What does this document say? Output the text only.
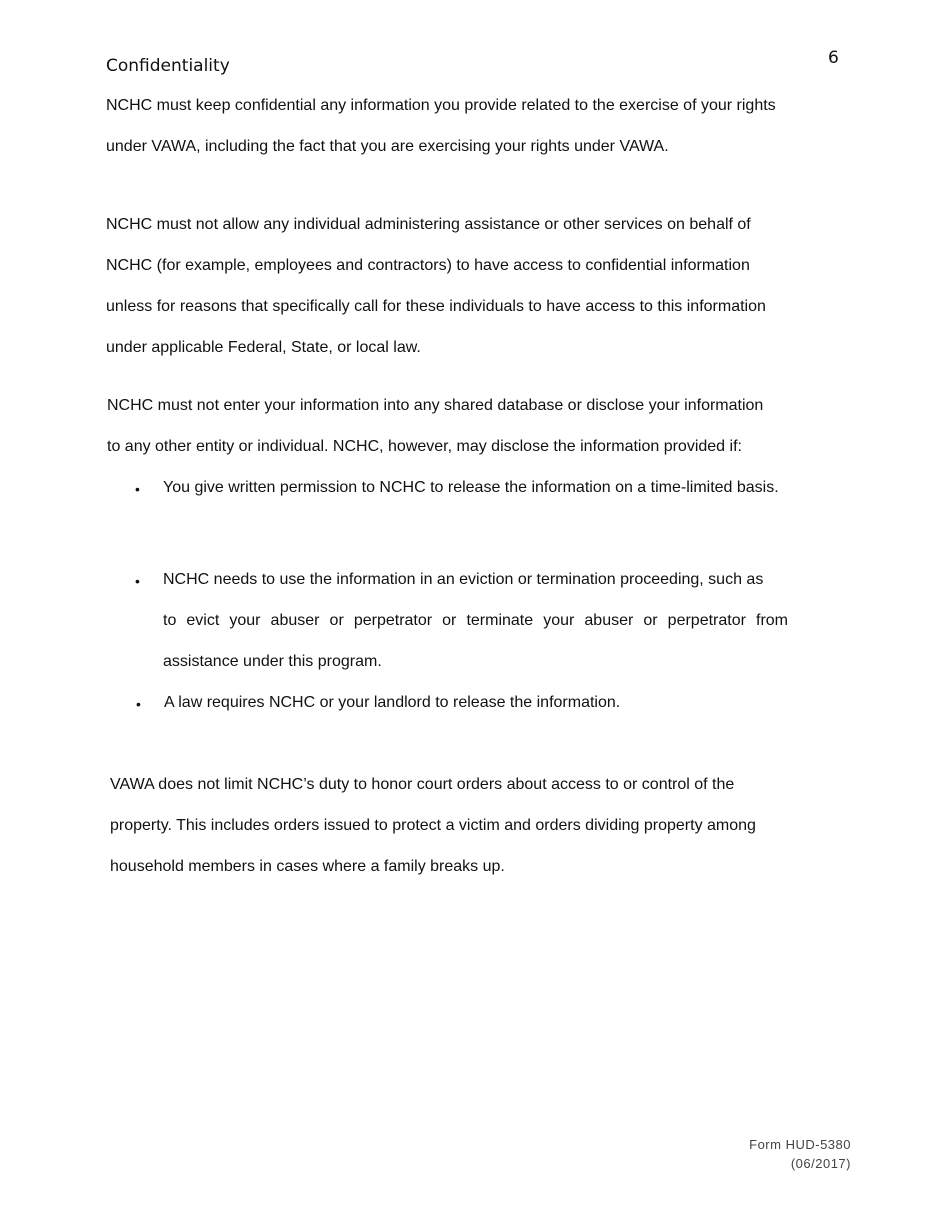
6
Confidentiality
NCHC must keep confidential any information you provide related to the exercise of your rights
under VAWA, including the fact that you are exercising your rights under VAWA.
NCHC must not allow any individual administering assistance or other services on behalf of
NCHC (for example, employees and contractors) to have access to confidential information
unless for reasons that specifically call for these individuals to have access to this information
under applicable Federal, State, or local law.
NCHC must not enter your information into any shared database or disclose your information
to any other entity or individual. NCHC, however, may disclose the information provided if:
• You give written permission to NCHC to release the information on a time-limited basis.
• NCHC needs to use the information in an eviction or termination proceeding, such as
to evict your abuser or perpetrator or terminate your abuser or perpetrator from
assistance under this program.
• A law requires NCHC or your landlord to release the information.
VAWA does not limit NCHC’s duty to honor court orders about access to or control of the
property. This includes orders issued to protect a victim and orders dividing property among
household members in cases where a family breaks up.
Form HUD-5380
(06/2017)
